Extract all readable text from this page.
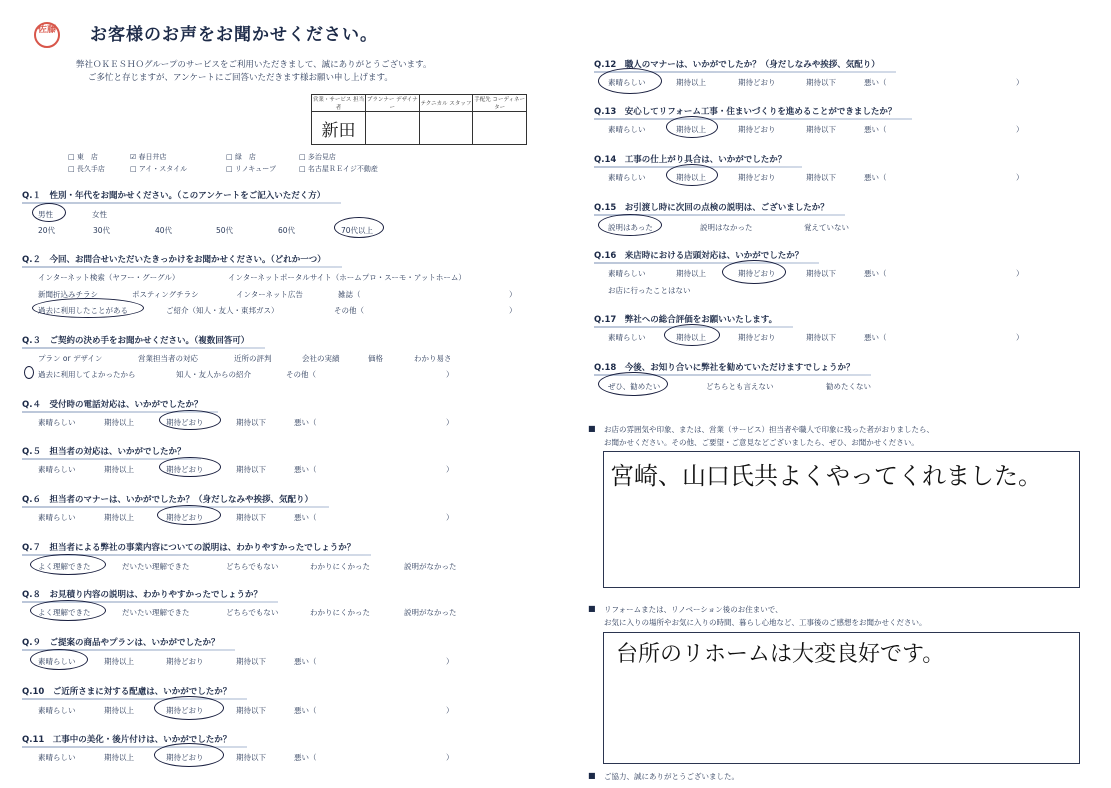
佐藤 お客様のお声をお聞かせください。
弊社ＯＫＥＳＨＯグループのサービスをご利用いただきまして、誠にありがとうございます。
ご多忙と存じますが、アンケートにご回答いただきます様お願い申し上げます。
営業・サービス 担当者	プランナー デザイナー	テクニカル スタッフ	手配先 コーディネーター
新田			
□ 東　店	☑ 春日井店	□ 緑　店	□ 多治見店
□ 長久手店	□ アイ・スタイル	□ リノキューブ	□ 名古屋ＲＥイジ不動産
Q.１　性別・年代をお聞かせください。（このアンケートをご記入いただく方）
男性	女性
20代	30代	40代	50代	60代	70代以上
Q.２　今回、お問合せいただいたきっかけをお聞かせください。（どれか一つ）
インターネット検索（ヤフー・グーグル）	インターネットポータルサイト（ホームプロ・スーモ・アットホーム）
新聞折込みチラシ	ポスティングチラシ	インターネット広告	雑誌（	）
過去に利用したことがある	ご紹介（知人・友人・東邦ガス）	その他（	）
Q.３　ご契約の決め手をお聞かせください。（複数回答可）
プラン or デザイン	営業担当者の対応	近所の評判	会社の実績	価格	わかり易さ
過去に利用してよかったから	知人・友人からの紹介	その他（	）
Q.４　受付時の電話対応は、いかがでしたか？
素晴らしい	期待以上	期待どおり	期待以下	悪い（	）
Q.５　担当者の対応は、いかがでしたか？
素晴らしい	期待以上	期待どおり	期待以下	悪い（	）
Q.６　担当者のマナーは、いかがでしたか？（身だしなみや挨拶、気配り）
素晴らしい	期待以上	期待どおり	期待以下	悪い（	）
Q.７　担当者による弊社の事業内容についての説明は、わかりやすかったでしょうか？
よく理解できた	だいたい理解できた	どちらでもない	わかりにくかった	説明がなかった
Q.８　お見積り内容の説明は、わかりやすかったでしょうか？
よく理解できた	だいたい理解できた	どちらでもない	わかりにくかった	説明がなかった
Q.９　ご提案の商品やプランは、いかがでしたか？
素晴らしい	期待以上	期待どおり	期待以下	悪い（	）
Q.10　ご近所さまに対する配慮は、いかがでしたか？
素晴らしい	期待以上	期待どおり	期待以下	悪い（	）
Q.11　工事中の美化・後片付けは、いかがでしたか？
素晴らしい	期待以上	期待どおり	期待以下	悪い（	）
Q.12　職人のマナーは、いかがでしたか？（身だしなみや挨拶、気配り）
素晴らしい	期待以上	期待どおり	期待以下	悪い（	）
Q.13　安心してリフォーム工事・住まいづくりを進めることができましたか？
素晴らしい	期待以上	期待どおり	期待以下	悪い（	）
Q.14　工事の仕上がり具合は、いかがでしたか？
素晴らしい	期待以上	期待どおり	期待以下	悪い（	）
Q.15　お引渡し時に次回の点検の説明は、ございましたか？
説明はあった	説明はなかった	覚えていない
Q.16　来店時における店頭対応は、いかがでしたか？
素晴らしい	期待以上	期待どおり	期待以下	悪い（	）
お店に行ったことはない
Q.17　弊社への総合評価をお願いいたします。
素晴らしい	期待以上	期待どおり	期待以下	悪い（	）
Q.18　今後、お知り合いに弊社を勧めていただけますでしょうか？
ぜひ、勧めたい	どちらとも言えない	勧めたくない
■ お店の雰囲気や印象、または、営業（サービス）担当者や職人で印象に残った者がおりましたら、
お聞かせください。その他、ご要望・ご意見などございましたら、ぜひ、お聞かせください。
宮崎、山口氏共よくやってくれました。
■ リフォームまたは、リノベーション後のお住まいで、
お気に入りの場所やお気に入りの時間、暮らし心地など、工事後のご感想をお聞かせください。
台所のリホームは大変良好です。
■ ご協力、誠にありがとうございました。
